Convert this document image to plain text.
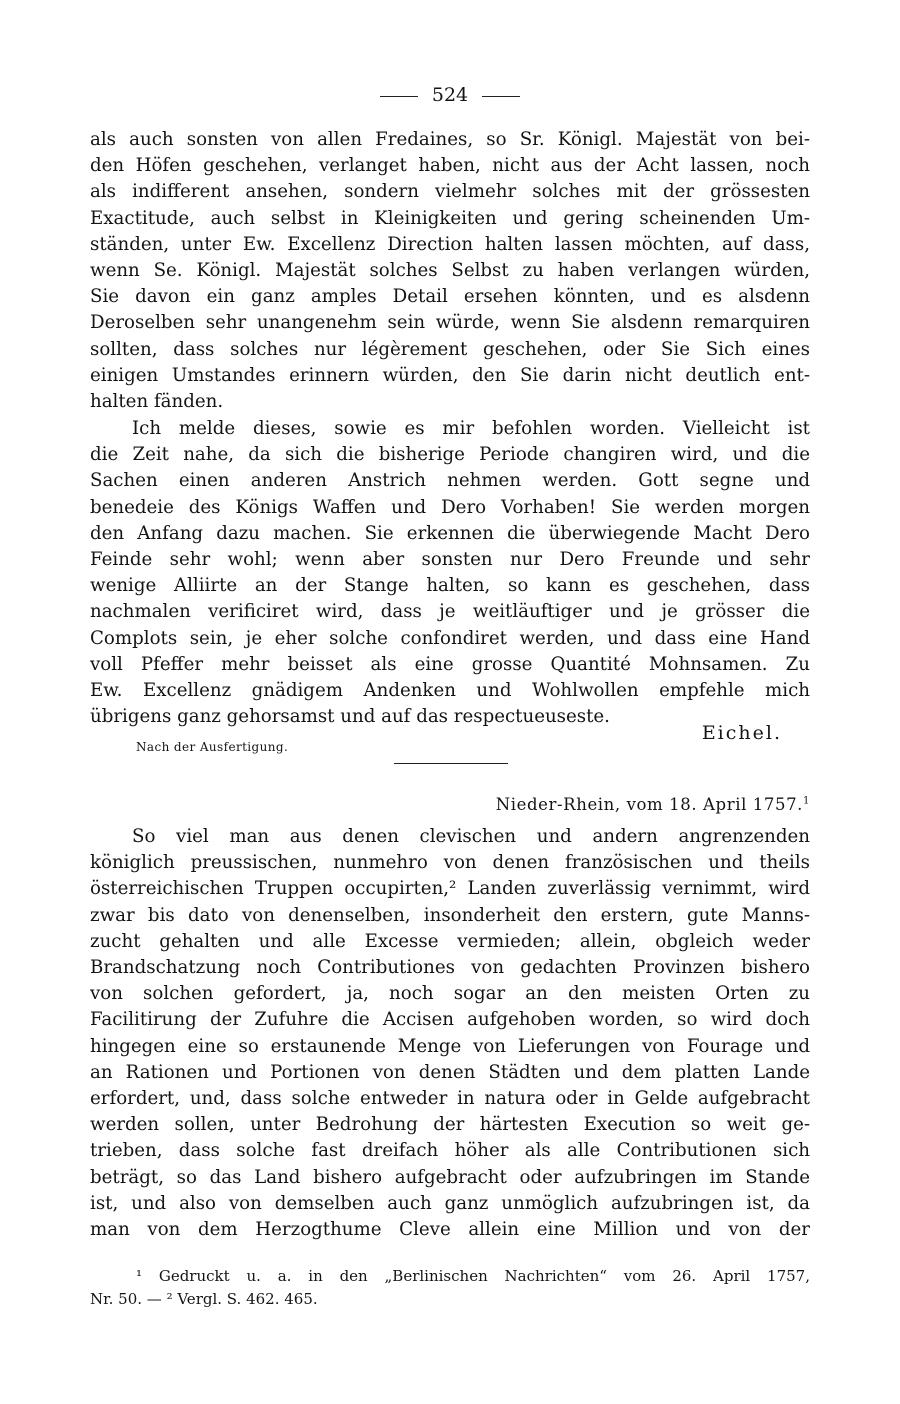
524
als auch sonsten von allen Fredaines, so Sr. Königl. Majestät von bei-
den Höfen geschehen, verlanget haben, nicht aus der Acht lassen, noch
als indifferent ansehen, sondern vielmehr solches mit der grössesten
Exactitude, auch selbst in Kleinigkeiten und gering scheinenden Um-
ständen, unter Ew. Excellenz Direction halten lassen möchten, auf dass,
wenn Se. Königl. Majestät solches Selbst zu haben verlangen würden,
Sie davon ein ganz amples Detail ersehen könnten, und es alsdenn
Deroselben sehr unangenehm sein würde, wenn Sie alsdenn remarquiren
sollten, dass solches nur légèrement geschehen, oder Sie Sich eines
einigen Umstandes erinnern würden, den Sie darin nicht deutlich ent-
halten fänden.
Ich melde dieses, sowie es mir befohlen worden. Vielleicht ist
die Zeit nahe, da sich die bisherige Periode changiren wird, und die
Sachen einen anderen Anstrich nehmen werden. Gott segne und
benedeie des Königs Waffen und Dero Vorhaben! Sie werden morgen
den Anfang dazu machen. Sie erkennen die überwiegende Macht Dero
Feinde sehr wohl; wenn aber sonsten nur Dero Freunde und sehr
wenige Alliirte an der Stange halten, so kann es geschehen, dass
nachmalen verificiret wird, dass je weitläuftiger und je grösser die
Complots sein, je eher solche confondiret werden, und dass eine Hand
voll Pfeffer mehr beisset als eine grosse Quantité Mohnsamen. Zu
Ew. Excellenz gnädigem Andenken und Wohlwollen empfehle mich
übrigens ganz gehorsamst und auf das respectueuseste.
Eichel.
Nach der Ausfertigung.
Nieder-Rhein, vom 18. April 1757.$^1$
So viel man aus denen clevischen und andern angrenzenden
königlich preussischen, nunmehro von denen französischen und theils
österreichischen Truppen occupirten,² Landen zuverlässig vernimmt, wird
zwar bis dato von denenselben, insonderheit den erstern, gute Manns-
zucht gehalten und alle Excesse vermieden; allein, obgleich weder
Brandschatzung noch Contributiones von gedachten Provinzen bishero
von solchen gefordert, ja, noch sogar an den meisten Orten zu
Facilitirung der Zufuhre die Accisen aufgehoben worden, so wird doch
hingegen eine so erstaunende Menge von Lieferungen von Fourage und
an Rationen und Portionen von denen Städten und dem platten Lande
erfordert, und, dass solche entweder in natura oder in Gelde aufgebracht
werden sollen, unter Bedrohung der härtesten Execution so weit ge-
trieben, dass solche fast dreifach höher als alle Contributionen sich
beträgt, so das Land bishero aufgebracht oder aufzubringen im Stande
ist, und also von demselben auch ganz unmöglich aufzubringen ist, da
man von dem Herzogthume Cleve allein eine Million und von der
¹ Gedruckt u. a. in den „Berlinischen Nachrichten“ vom 26. April 1757,
Nr. 50. — ² Vergl. S. 462. 465.
